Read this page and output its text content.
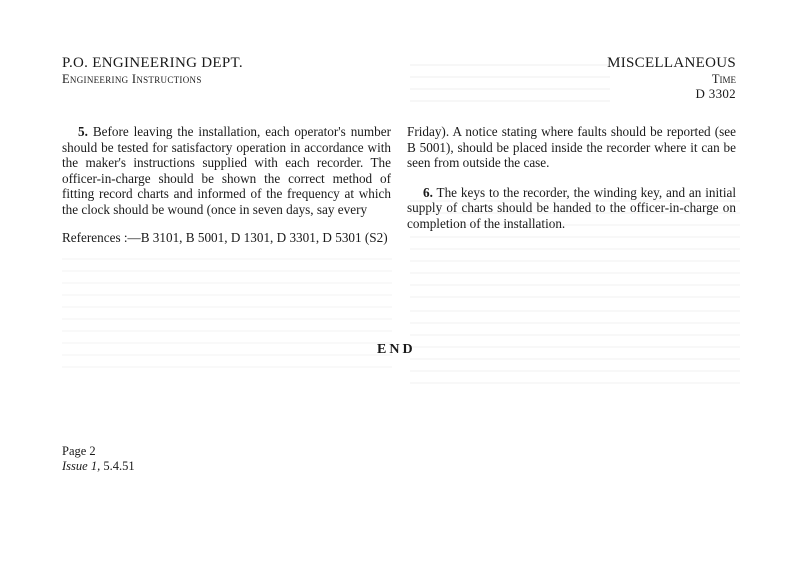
P.O. ENGINEERING DEPT.
Engineering Instructions
MISCELLANEOUS
Time
D 3302

5. Before leaving the installation, each operator's number should be tested for satisfactory operation in accordance with the maker's instructions supplied with each recorder. The officer-in-charge should be shown the correct method of fitting record charts and informed of the frequency at which the clock should be wound (once in seven days, say every

References :—B 3101, B 5001, D 1301, D 3301, D 5301 (S2)

Friday). A notice stating where faults should be reported (see B 5001), should be placed inside the recorder where it can be seen from outside the case.

6. The keys to the recorder, the winding key, and an initial supply of charts should be handed to the officer-in-charge on completion of the installation.

END
Page 2
Issue 1, 5.4.51
